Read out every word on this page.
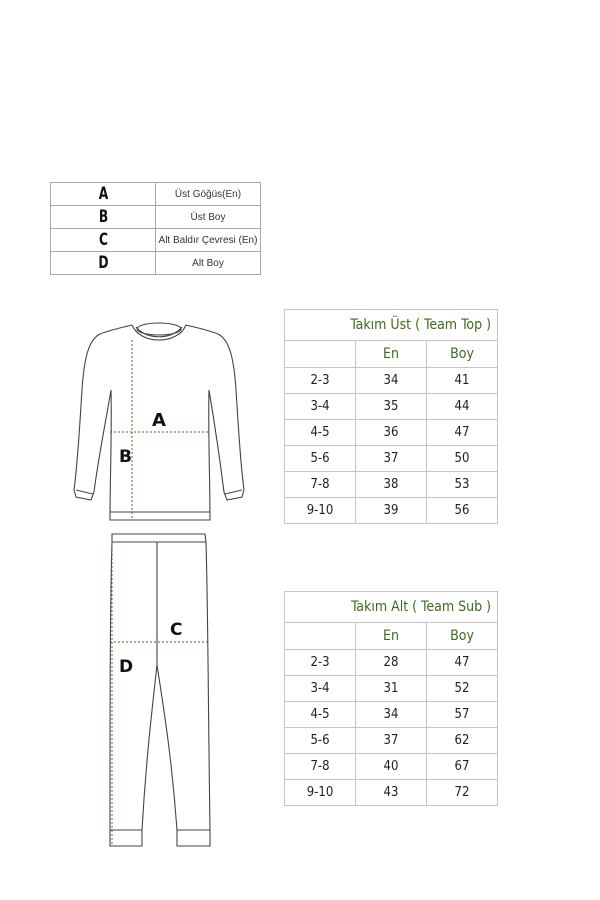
A	Üst Göğüs(En)
B	Üst Boy
C	Alt Baldır Çevresi (En)
D	Alt Boy
A
B
C
D
Takım Üst ( Team Top )		
	En	Boy
2-3	34	41
3-4	35	44
4-5	36	47
5-6	37	50
7-8	38	53
9-10	39	56
Takım Alt ( Team Sub )		
	En	Boy
2-3	28	47
3-4	31	52
4-5	34	57
5-6	37	62
7-8	40	67
9-10	43	72
